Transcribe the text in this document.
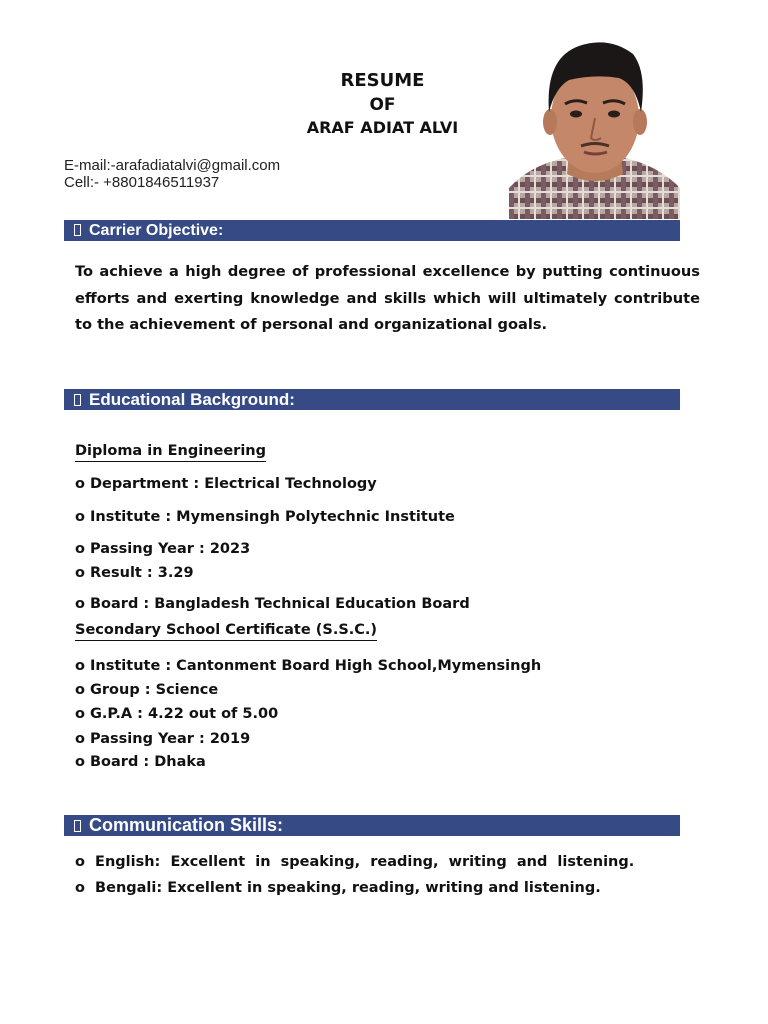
RESUME
OF
ARAF ADIAT ALVI
E-mail:-arafadiatalvi@gmail.com
Cell:- +8801846511937
Carrier Objective:
To achieve a high degree of professional excellence by putting continuous efforts and exerting knowledge and skills which will ultimately contribute to the achievement of personal and organizational goals.
Educational Background:
Diploma in Engineering
o Department : Electrical Technology
o Institute : Mymensingh Polytechnic Institute
o Passing Year : 2023
o Result : 3.29
o Board : Bangladesh Technical Education Board
Secondary School Certificate (S.S.C.)
o Institute : Cantonment Board High School,Mymensingh
o Group : Science
o G.P.A : 4.22 out of 5.00
o Passing Year : 2019
o Board : Dhaka
Communication Skills:
o  English:  Excellent  in  speaking,  reading,  writing  and  listening.
o  Bengali: Excellent in speaking, reading, writing and listening.
